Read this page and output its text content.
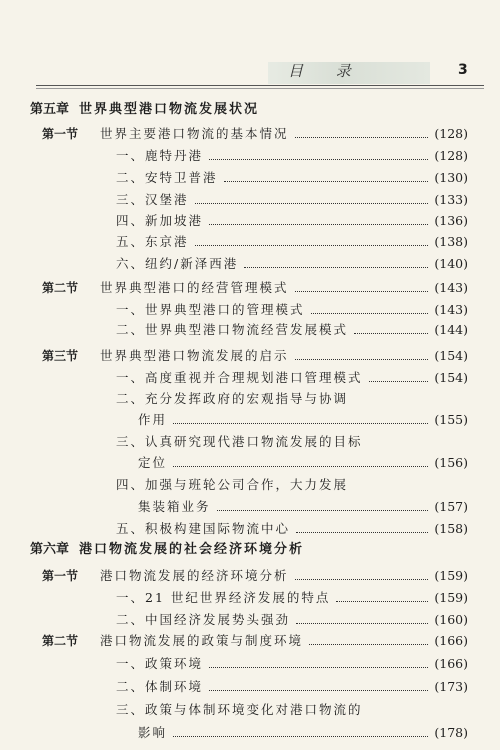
目 录	3
第五章 世界典型港口物流发展状况
第一节 世界主要港口物流的基本情况	(128)
一、鹿特丹港	(128)
二、安特卫普港	(130)
三、汉堡港	(133)
四、新加坡港	(136)
五、东京港	(138)
六、纽约/新泽西港	(140)
第二节 世界典型港口的经营管理模式	(143)
一、世界典型港口的管理模式	(143)
二、世界典型港口物流经营发展模式	(144)
第三节 世界典型港口物流发展的启示	(154)
一、高度重视并合理规划港口管理模式	(154)
二、充分发挥政府的宏观指导与协调
作用	(155)
三、认真研究现代港口物流发展的目标
定位	(156)
四、加强与班轮公司合作，大力发展
集装箱业务	(157)
五、积极构建国际物流中心	(158)
第六章 港口物流发展的社会经济环境分析
第一节 港口物流发展的经济环境分析	(159)
一、21 世纪世界经济发展的特点	(159)
二、中国经济发展势头强劲	(160)
第二节 港口物流发展的政策与制度环境	(166)
一、政策环境	(166)
二、体制环境	(173)
三、政策与体制环境变化对港口物流的
影响	(178)
